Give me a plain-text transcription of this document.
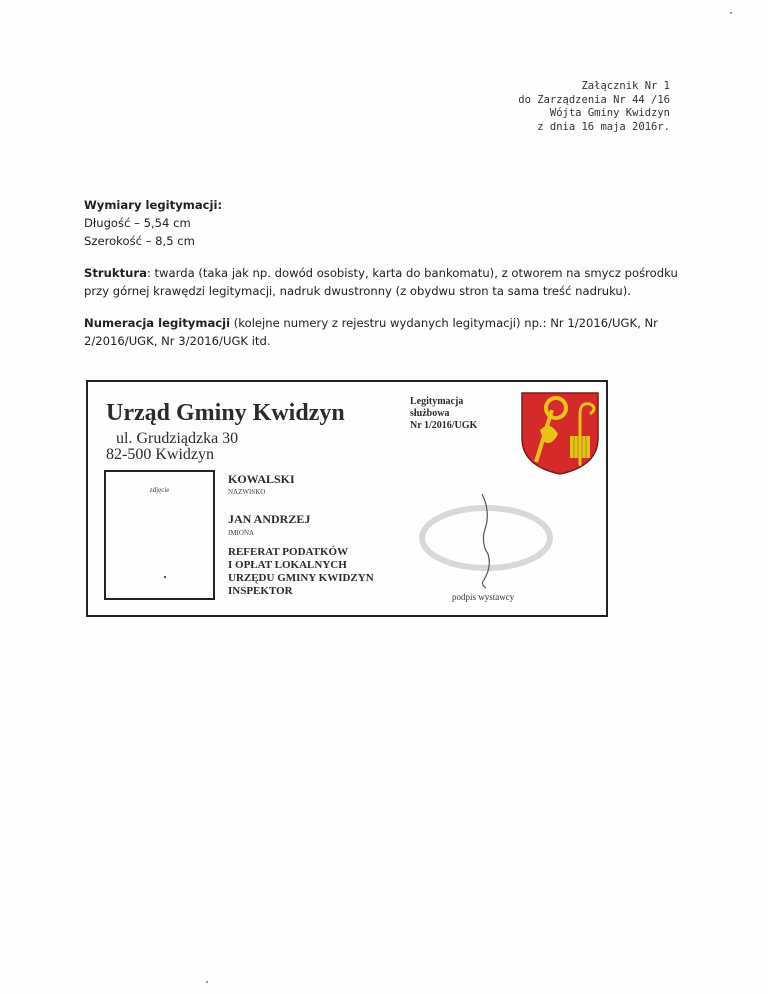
Załącznik Nr 1
do Zarządzenia Nr 44 /16
Wójta Gminy Kwidzyn
z dnia 16 maja 2016r.

Wymiary legitymacji:
Długość – 5,54 cm
Szerokość – 8,5 cm

Struktura: twarda (taka jak np. dowód osobisty, karta do bankomatu), z otworem na smycz pośrodku przy górnej krawędzi legitymacji, nadruk dwustronny (z obydwu stron ta sama treść nadruku).

Numeracja legitymacji (kolejne numery z rejestru wydanych legitymacji) np.: Nr 1/2016/UGK, Nr 2/2016/UGK, Nr 3/2016/UGK itd.

Urząd Gminy Kwidzyn
ul. Grudziądzka 30
82-500 Kwidzyn
Legitymacja
służbowa
Nr 1/2016/UGK
zdjęcie
KOWALSKI
NAZWISKO
JAN ANDRZEJ
IMIONA
REFERAT PODATKÓW
I OPŁAT LOKALNYCH
URZĘDU GMINY KWIDZYN
INSPEKTOR	podpis wystawcy
